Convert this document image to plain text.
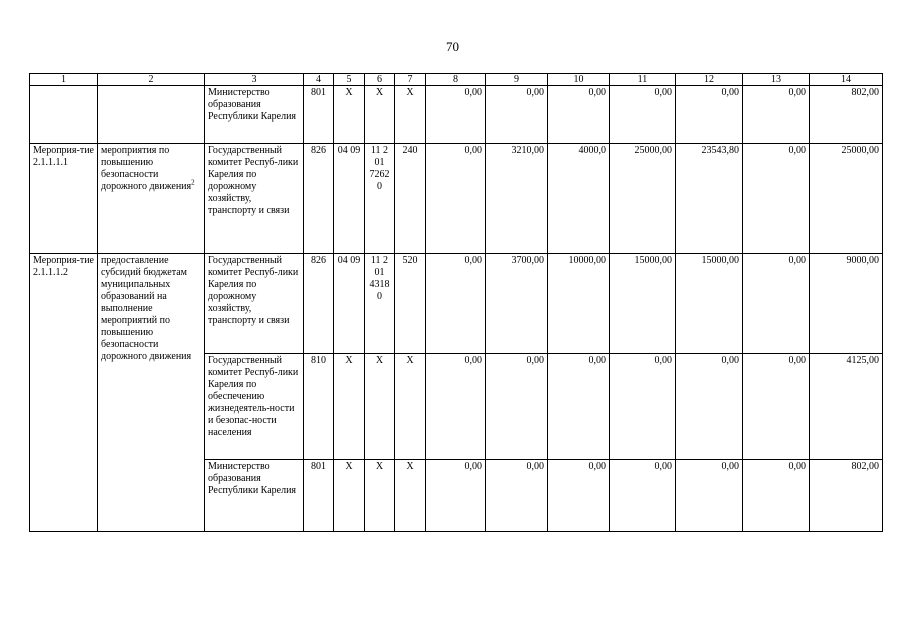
70
1	2	3	4	5	6	7	8	9	10	11	12	13	14
		Министерство образования Республики Карелия	801	Х	Х	Х	0,00	0,00	0,00	0,00	0,00	0,00	802,00
Мероприя-тие 2.1.1.1.1	мероприятия по повышению безопасности дорожного движения$^2$	Государственный комитет Респуб-лики Карелия по дорожному хозяйству, транспорту и связи	826	04 09	11 2 01 7262 0	240	0,00	3210,00	4000,0	25000,00	23543,80	0,00	25000,00
Мероприя-тие 2.1.1.1.2	предоставление субсидий бюджетам муниципальных образований на выполнение мероприятий по повышению безопасности дорожного движения	Государственный комитет Респуб-лики Карелия по дорожному хозяйству, транспорту и связи	826	04 09	11 2 01 4318 0	520	0,00	3700,00	10000,00	15000,00	15000,00	0,00	9000,00
		Государственный комитет Респуб-лики Карелия по обеспечению жизнедеятель-ности и безопас-ности населения	810	Х	Х	Х	0,00	0,00	0,00	0,00	0,00	0,00	4125,00
		Министерство образования Республики Карелия	801	Х	Х	Х	0,00	0,00	0,00	0,00	0,00	0,00	802,00
